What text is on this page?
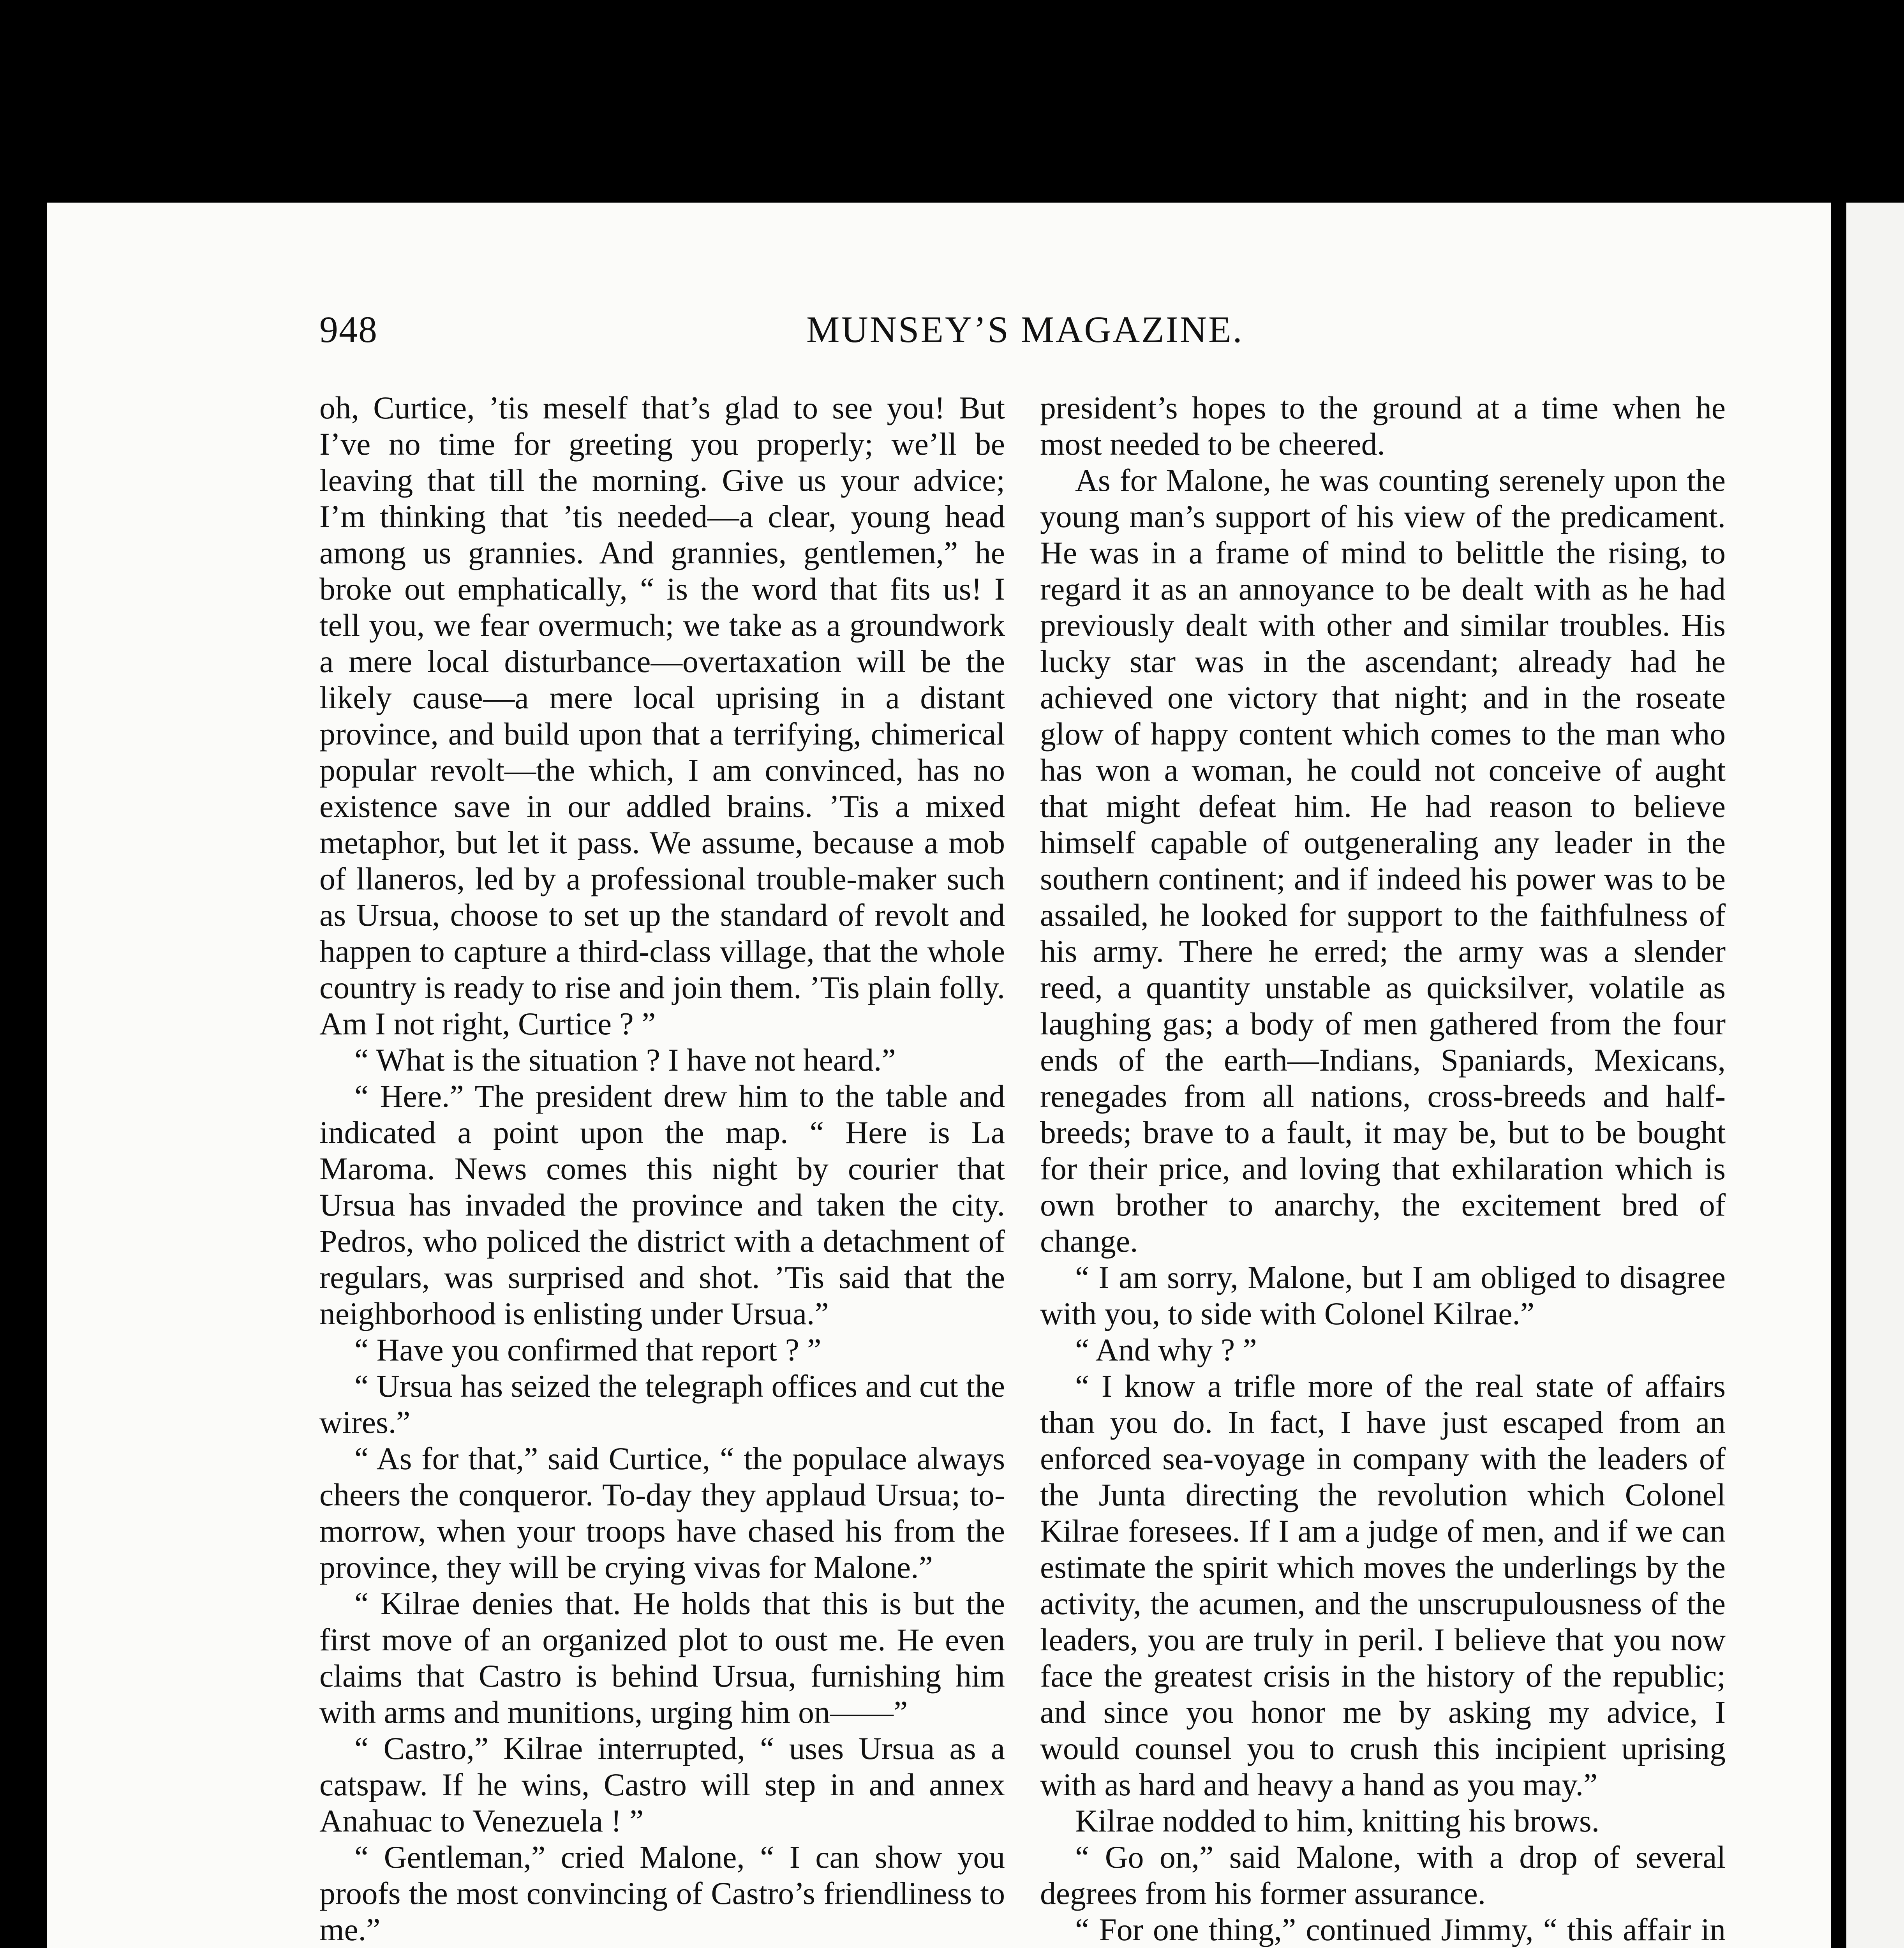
948	MUNSEY’S MAGAZINE.

oh, Curtice, ’tis meself that’s glad to see you! But I’ve no time for greeting you properly; we’ll be leaving that till the morning. Give us your advice; I’m thinking that ’tis needed—a clear, young head among us grannies. And grannies, gentlemen,” he broke out emphatically, “ is the word that fits us! I tell you, we fear overmuch; we take as a groundwork a mere local disturbance—overtaxation will be the likely cause—a mere local uprising in a distant province, and build upon that a terrifying, chimerical popular revolt—the which, I am convinced, has no existence save in our addled brains. ’Tis a mixed metaphor, but let it pass. We assume, because a mob of llaneros, led by a professional trouble-maker such as Ursua, choose to set up the standard of revolt and happen to capture a third-class village, that the whole country is ready to rise and join them. ’Tis plain folly. Am I not right, Curtice ? ”

“ What is the situation ? I have not heard.”

“ Here.” The president drew him to the table and indicated a point upon the map. “ Here is La Maroma. News comes this night by courier that Ursua has invaded the province and taken the city. Pedros, who policed the district with a detachment of regulars, was surprised and shot. ’Tis said that the neighborhood is enlisting under Ursua.”

“ Have you confirmed that report ? ”

“ Ursua has seized the telegraph offices and cut the wires.”

“ As for that,” said Curtice, “ the populace always cheers the conqueror. To-day they applaud Ursua; to-morrow, when your troops have chased his from the province, they will be crying vivas for Malone.”

“ Kilrae denies that. He holds that this is but the first move of an organized plot to oust me. He even claims that Castro is behind Ursua, furnishing him with arms and munitions, urging him on——”

“ Castro,” Kilrae interrupted, “ uses Ursua as a catspaw. If he wins, Castro will step in and annex Anahuac to Venezuela ! ”

“ Gentleman,” cried Malone, “ I can show you proofs the most convincing of Castro’s friendliness to me.”

president’s hopes to the ground at a time when he most needed to be cheered.

As for Malone, he was counting serenely upon the young man’s support of his view of the predicament. He was in a frame of mind to belittle the rising, to regard it as an annoyance to be dealt with as he had previously dealt with other and similar troubles. His lucky star was in the ascendant; already had he achieved one victory that night; and in the roseate glow of happy content which comes to the man who has won a woman, he could not conceive of aught that might defeat him. He had reason to believe himself capable of outgeneraling any leader in the southern continent; and if indeed his power was to be assailed, he looked for support to the faithfulness of his army. There he erred; the army was a slender reed, a quantity unstable as quicksilver, volatile as laughing gas; a body of men gathered from the four ends of the earth—Indians, Spaniards, Mexicans, renegades from all nations, cross-breeds and half-breeds; brave to a fault, it may be, but to be bought for their price, and loving that exhilaration which is own brother to anarchy, the excitement bred of change.

“ I am sorry, Malone, but I am obliged to disagree with you, to side with Colonel Kilrae.”

“ And why ? ”

“ I know a trifle more of the real state of affairs than you do. In fact, I have just escaped from an enforced sea-voyage in company with the leaders of the Junta directing the revolution which Colonel Kilrae foresees. If I am a judge of men, and if we can estimate the spirit which moves the underlings by the activity, the acumen, and the unscrupulousness of the leaders, you are truly in peril. I believe that you now face the greatest crisis in the history of the republic; and since you honor me by asking my advice, I would counsel you to crush this incipient uprising with as hard and heavy a hand as you may.”

Kilrae nodded to him, knitting his brows.

“ Go on,” said Malone, with a drop of several degrees from his former assurance.

“ For one thing,” continued Jimmy, “ this affair in
